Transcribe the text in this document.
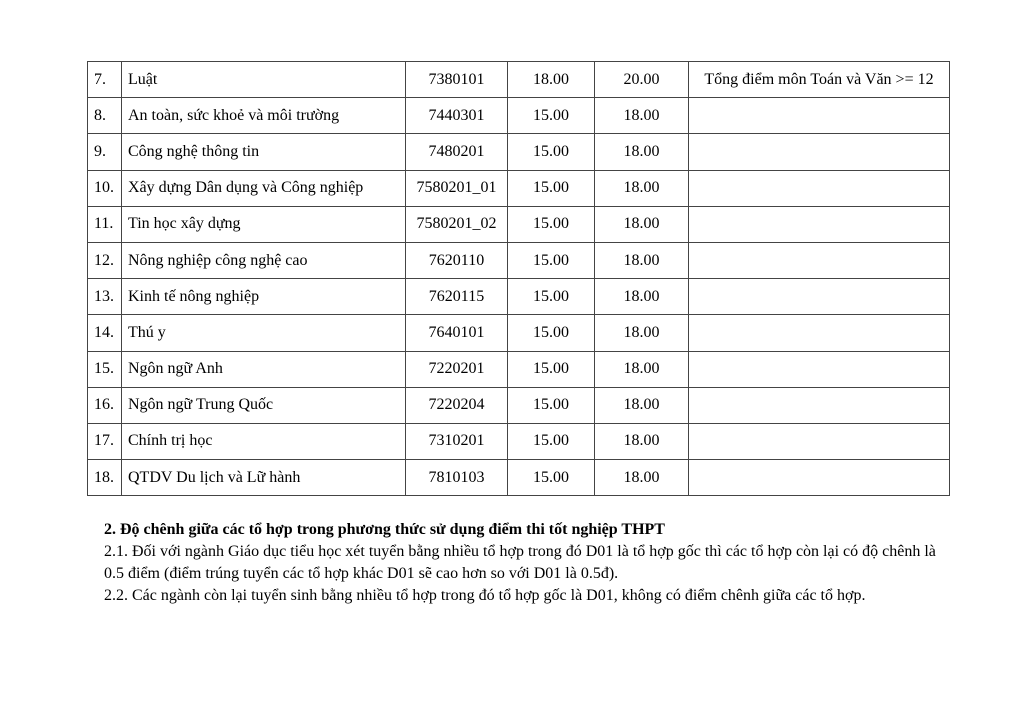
7.	Luật	7380101	18.00	20.00	Tổng điểm môn Toán và Văn >= 12
8.	An toàn, sức khoẻ và môi trường	7440301	15.00	18.00	
9.	Công nghệ thông tin	7480201	15.00	18.00	
10.	Xây dựng Dân dụng và Công nghiệp	7580201_01	15.00	18.00	
11.	Tin học xây dựng	7580201_02	15.00	18.00	
12.	Nông nghiệp công nghệ cao	7620110	15.00	18.00	
13.	Kinh tế nông nghiệp	7620115	15.00	18.00	
14.	Thú y	7640101	15.00	18.00	
15.	Ngôn ngữ Anh	7220201	15.00	18.00	
16.	Ngôn ngữ Trung Quốc	7220204	15.00	18.00	
17.	Chính trị học	7310201	15.00	18.00	
18.	QTDV Du lịch và Lữ hành	7810103	15.00	18.00	

2. Độ chênh giữa các tổ hợp trong phương thức sử dụng điểm thi tốt nghiệp THPT

2.1. Đối với ngành Giáo dục tiểu học xét tuyển bằng nhiều tổ hợp trong đó D01 là tổ hợp gốc thì các tổ hợp còn lại có độ chênh là 0.5 điểm (điểm trúng tuyển các tổ hợp khác D01 sẽ cao hơn so với D01 là 0.5đ).

2.2. Các ngành còn lại tuyển sinh bằng nhiều tổ hợp trong đó tổ hợp gốc là D01, không có điểm chênh giữa các tổ hợp.
